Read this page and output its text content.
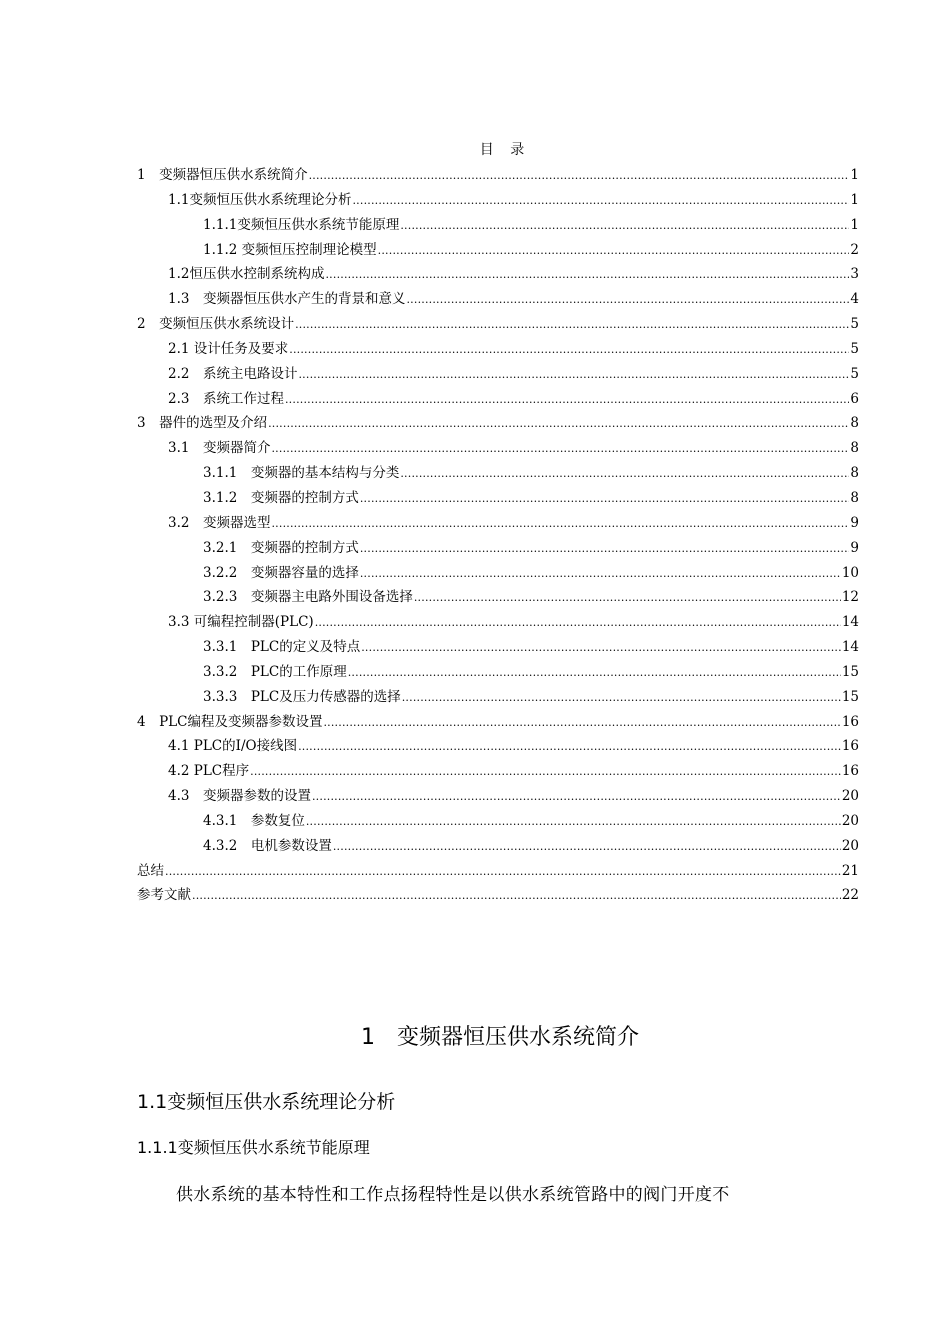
目 录
1　变频器恒压供水系统简介 .....	1
1.1变频恒压供水系统理论分析 .....	1
1.1.1变频恒压供水系统节能原理 .....	1
1.1.2 变频恒压控制理论模型 .....	2
1.2恒压供水控制系统构成 .....	3
1.3　变频器恒压供水产生的背景和意义 .....	4
2　变频恒压供水系统设计 .....	5
2.1 设计任务及要求 .....	5
2.2　系统主电路设计 .....	5
2.3　系统工作过程 .....	6
3　器件的选型及介绍 .....	8
3.1　变频器简介 .....	8
3.1.1　变频器的基本结构与分类 .....	8
3.1.2　变频器的控制方式 .....	8
3.2　变频器选型 .....	9
3.2.1　变频器的控制方式 .....	9
3.2.2　变频器容量的选择 .....	10
3.2.3　变频器主电路外围设备选择 .....	12
3.3 可编程控制器(PLC) .....	14
3.3.1　PLC的定义及特点 .....	14
3.3.2　PLC的工作原理 .....	15
3.3.3　PLC及压力传感器的选择 .....	15
4　PLC编程及变频器参数设置 .....	16
4.1 PLC的I/O接线图 .....	16
4.2 PLC程序 .....	16
4.3　变频器参数的设置 .....	20
4.3.1　参数复位 .....	20
4.3.2　电机参数设置 .....	20
总结 .....	21
参考文献 .....	22
1　变频器恒压供水系统简介
1.1变频恒压供水系统理论分析
1.1.1变频恒压供水系统节能原理
供水系统的基本特性和工作点扬程特性是以供水系统管路中的阀门开度不
